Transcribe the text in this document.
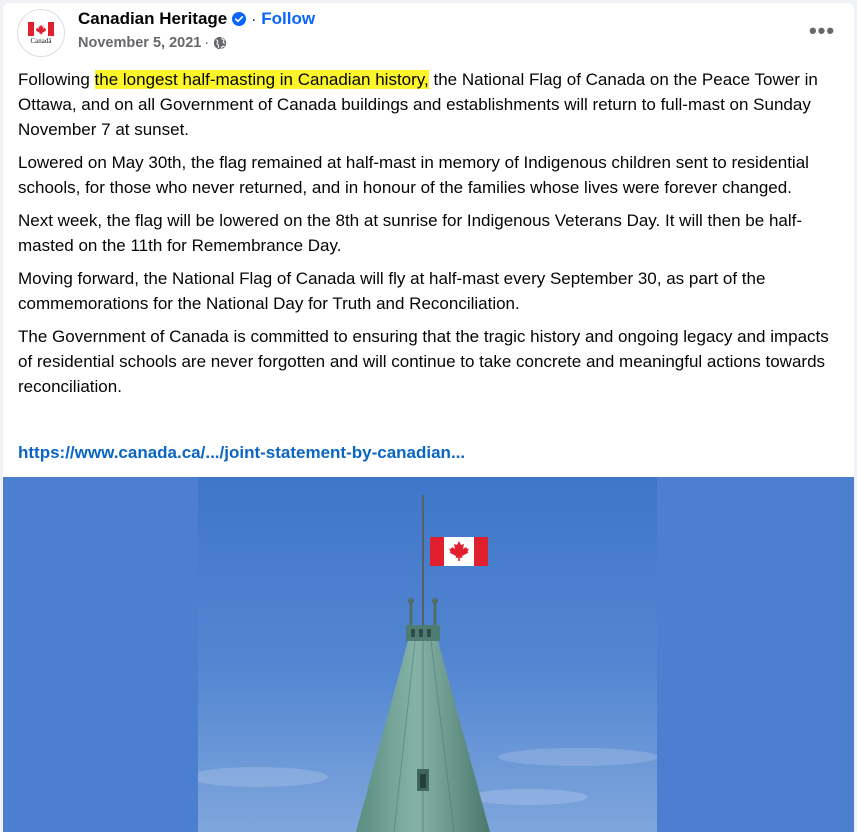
Canadä
Canadian Heritage · Follow
November 5, 2021 ·	•••

Following the longest half-masting in Canadian history, the National Flag of Canada on the Peace Tower in Ottawa, and on all Government of Canada buildings and establishments will return to full-mast on Sunday November 7 at sunset.

Lowered on May 30th, the flag remained at half-mast in memory of Indigenous children sent to residential schools, for those who never returned, and in honour of the families whose lives were forever changed.

Next week, the flag will be lowered on the 8th at sunrise for Indigenous Veterans Day. It will then be half-masted on the 11th for Remembrance Day.

Moving forward, the National Flag of Canada will fly at half-mast every September 30, as part of the commemorations for the National Day for Truth and Reconciliation.

The Government of Canada is committed to ensuring that the tragic history and ongoing legacy and impacts of residential schools are never forgotten and will continue to take concrete and meaningful actions towards reconciliation.

https://www.canada.ca/.../joint-statement-by-canadian...
